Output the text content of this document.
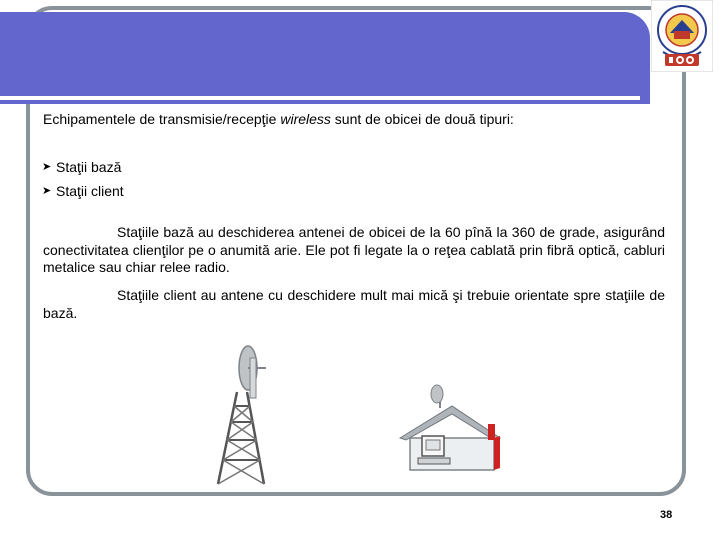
Echipamentele de transmisie/recepţie wireless sunt de obicei de două tipuri:
➤ Staţii bază
➤ Staţii client

Staţiile bază au deschiderea antenei de obicei de la 60 pînă la 360 de grade, asigurând conectivitatea clienţilor pe o anumită arie. Ele pot fi legate la o reţea cablată prin fibră optică, cabluri metalice sau chiar relee radio.

Staţiile client au antene cu deschidere mult mai mică şi trebuie orientate spre staţiile de bază.

38
